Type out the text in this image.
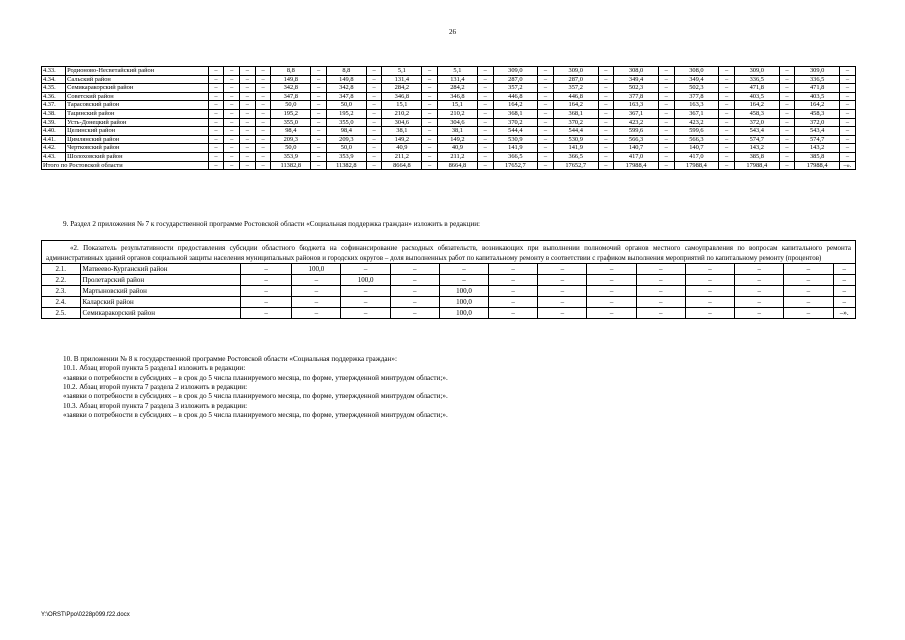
26
4.33.	Родионово-Несветайский район	–	–	–	–	8,8	–	8,8	–	5,1	–	5,1	–	309,0	–	309,0	–	308,0	–	308,0	–	309,0	–	309,0	–
4.34.	Сальский район	–	–	–	–	149,8	–	149,8	–	131,4	–	131,4	–	287,0	–	287,0	–	349,4	–	349,4	–	336,5	–	336,5	–
4.35.	Семикаракорский район	–	–	–	–	342,8	–	342,8	–	284,2	–	284,2	–	357,2	–	357,2	–	502,3	–	502,3	–	471,8	–	471,8	–
4.36.	Советский район	–	–	–	–	347,8	–	347,8	–	346,8	–	346,8	–	446,8	–	446,8	–	377,8	–	377,8	–	403,5	–	403,5	–
4.37.	Тарасовский район	–	–	–	–	50,0	–	50,0	–	15,1	–	15,1	–	164,2	–	164,2	–	163,3	–	163,3	–	164,2	–	164,2	–
4.38.	Тацинский район	–	–	–	–	195,2	–	195,2	–	210,2	–	210,2	–	368,1	–	368,1	–	367,1	–	367,1	–	458,3	–	458,3	–
4.39.	Усть-Донецкий район	–	–	–	–	355,0	–	355,0	–	304,6	–	304,6	–	370,2	–	370,2	–	423,2	–	423,2	–	372,0	–	372,0	–
4.40.	Целинский район	–	–	–	–	98,4	–	98,4	–	38,1	–	38,1	–	544,4	–	544,4	–	599,6	–	599,6	–	543,4	–	543,4	–
4.41.	Цимлянский район	–	–	–	–	209,3	–	209,3	–	149,2	–	149,2	–	530,9	–	530,9	–	566,3	–	566,3	–	574,7	–	574,7	–
4.42.	Чертковский район	–	–	–	–	50,0	–	50,0	–	40,9	–	40,9	–	141,9	–	141,9	–	140,7	–	140,7	–	143,2	–	143,2	–
4.43.	Шолоховский район	–	–	–	–	353,9	–	353,9	–	211,2	–	211,2	–	366,5	–	366,5	–	417,0	–	417,0	–	385,8	–	385,8	–
Итого по Ростовской области		–	–	–	–	11382,8	–	11382,8	–	8664,8	–	8664,8	–	17652,7	–	17652,7	–	17988,4	–	17988,4	–	17988,4	–	17988,4	–».
9. Раздел 2 приложения № 7 к государственной программе Ростовской области «Социальная поддержка граждан» изложить в редакции:
«2. Показатель результативности предоставления субсидии областного бюджета на софинансирование расходных обязательств, возникающих при выполнении полномочий органов местного самоуправления по вопросам капитального ремонта административных зданий органов социальной защиты населения муниципальных районов и городских округов – доля выполненных работ по капитальному ремонту в соответствии с графиком выполнения мероприятий по капитальному ремонту (процентов)
2.1.	Матвеево-Курганский район	–	100,0	–	–	–	–	–	–	–	–	–	–	–
2.2.	Пролетарский район	–	–	100,0	–	–	–	–	–	–	–	–	–	–
2.3.	Мартыновский район	–	–	–	–	100,0	–	–	–	–	–	–	–	–
2.4.	Каларский район	–	–	–	–	100,0	–	–	–	–	–	–	–	–
2.5.	Семикаракорский район	–	–	–	–	100,0	–	–	–	–	–	–	–	–».
10. В приложении № 8 к государственной программе Ростовской области «Социальная поддержка граждан»:
10.1. Абзац второй пункта 5 раздела1 изложить в редакции:
«заявки о потребности в субсидиях – в срок до 5 числа планируемого месяца, по форме, утвержденной минтрудом области;».
10.2. Абзац второй пункта 7 раздела 2 изложить в редакции:
«заявки о потребности в субсидиях – в срок до 5 числа планируемого месяца, по форме, утвержденной минтрудом области;».
10.3. Абзац второй пункта 7 раздела 3 изложить в редакции:
«заявки о потребности в субсидиях – в срок до 5 числа планируемого месяца, по форме, утвержденной минтрудом области;».
Y:\ORST\Ppo\0228p099.f22.docx
